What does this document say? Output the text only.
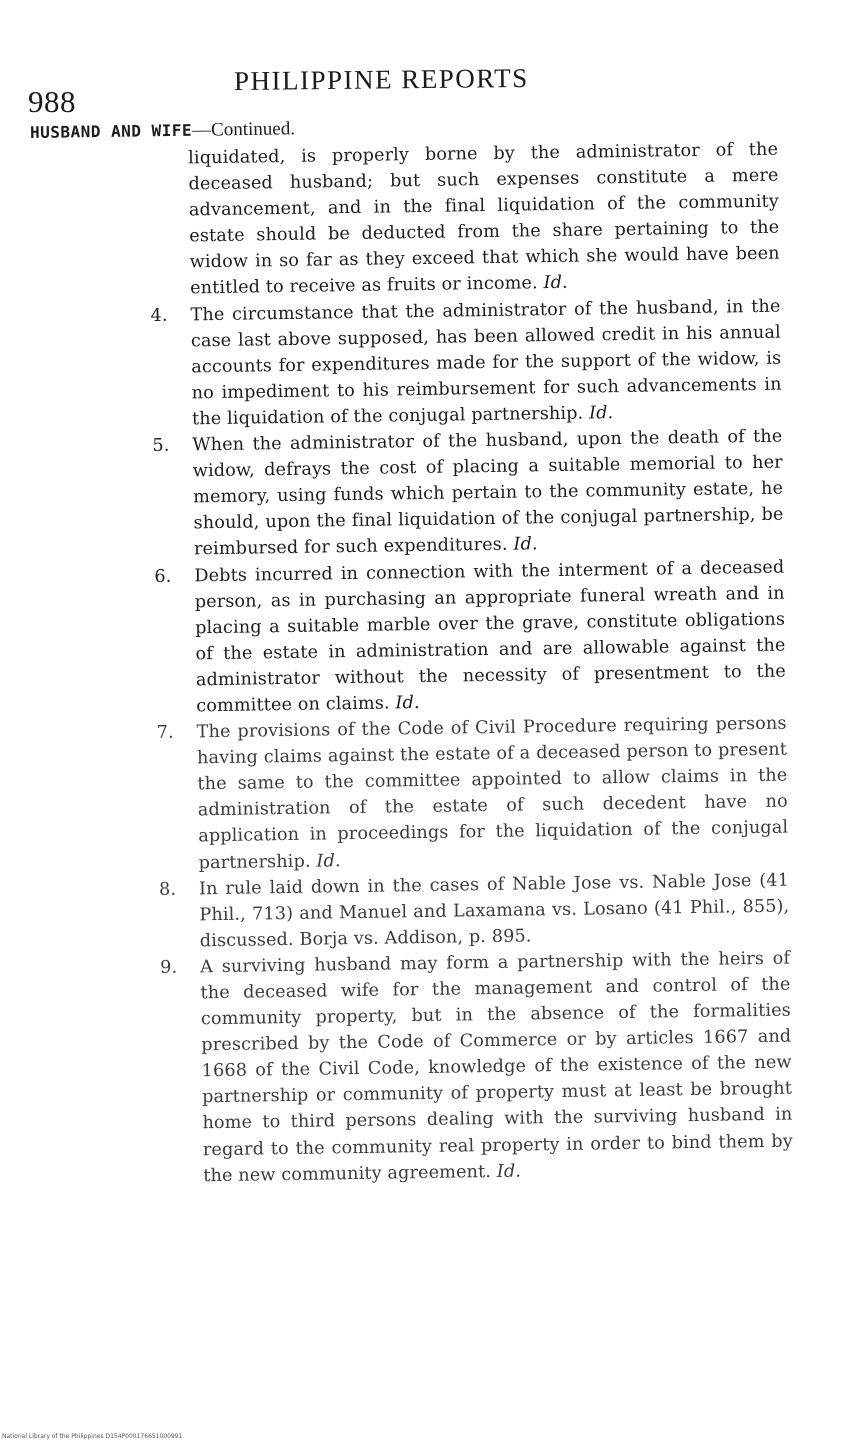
988
PHILIPPINE REPORTS
HUSBAND AND WIFE—Continued.

liquidated, is properly borne by the administrator of the deceased husband; but such expenses constitute a mere advancement, and in the final liquidation of the community estate should be deducted from the share pertaining to the widow in so far as they exceed that which she would have been entitled to receive as fruits or income. Id.

4. The circumstance that the administrator of the husband, in the case last above supposed, has been allowed credit in his annual accounts for expenditures made for the support of the widow, is no impediment to his reimbursement for such advancements in the liquidation of the conjugal partnership. Id.

5. When the administrator of the husband, upon the death of the widow, defrays the cost of placing a suitable memorial to her memory, using funds which pertain to the community estate, he should, upon the final liquidation of the conjugal partnership, be reimbursed for such expenditures. Id.

6. Debts incurred in connection with the interment of a deceased person, as in purchasing an appropriate funeral wreath and in placing a suitable marble over the grave, constitute obligations of the estate in administration and are allowable against the administrator without the necessity of presentment to the committee on claims. Id.

7. The provisions of the Code of Civil Procedure requiring persons having claims against the estate of a deceased person to present the same to the committee appointed to allow claims in the administration of the estate of such decedent have no application in proceedings for the liquidation of the conjugal partnership. Id.

8. In rule laid down in the cases of Nable Jose vs. Nable Jose (41 Phil., 713) and Manuel and Laxamana vs. Losano (41 Phil., 855), discussed. Borja vs. Addison, p. 895.

9. A surviving husband may form a partnership with the heirs of the deceased wife for the management and control of the community property, but in the absence of the formalities prescribed by the Code of Commerce or by articles 1667 and 1668 of the Civil Code, knowledge of the existence of the new partnership or community of property must at least be brought home to third persons dealing with the surviving husband in regard to the community real property in order to bind them by the new community agreement. Id.

National Library of the Philippines D154P000176651000991
